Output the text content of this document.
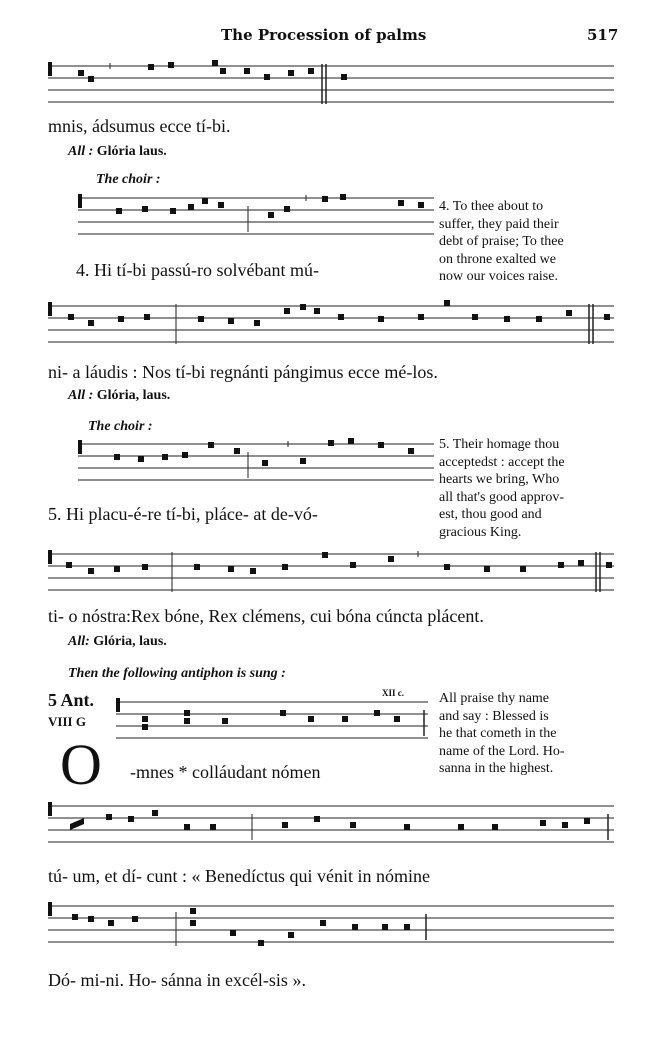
The Procession of palms	517
mnis, ádsumus ecce tí-bi.
All : Glória laus.
The choir :
4. Hi tí-bi passú-ro solvébant mú-
4. To thee about to
suffer, they paid their
debt of praise; To thee
on throne exalted we
now our voices raise.
ni- a láudis : Nos tí-bi regnánti pángimus ecce mé-los.
All : Glória, laus.
The choir :
5. Hi placu-é-re tí-bi, pláce- at de-vó-
5. Their homage thou
acceptedst : accept the
hearts we bring, Who
all that's good approv-
est, thou good and
gracious King.
ti- o nóstra:Rex bóne, Rex clémens, cui bóna cúncta plácent.
All: Glória, laus.
Then the following antiphon is sung :
5 Ant.
VIII G
XII c.
O -mnes * colláudant nómen
All praise thy name
and say : Blessed is
he that cometh in the
name of the Lord. Ho-
sanna in the highest.
tú- um, et dí- cunt : « Benedíctus qui vénit in nómine
Dó- mi-ni. Ho- sánna in excél-sis ».
